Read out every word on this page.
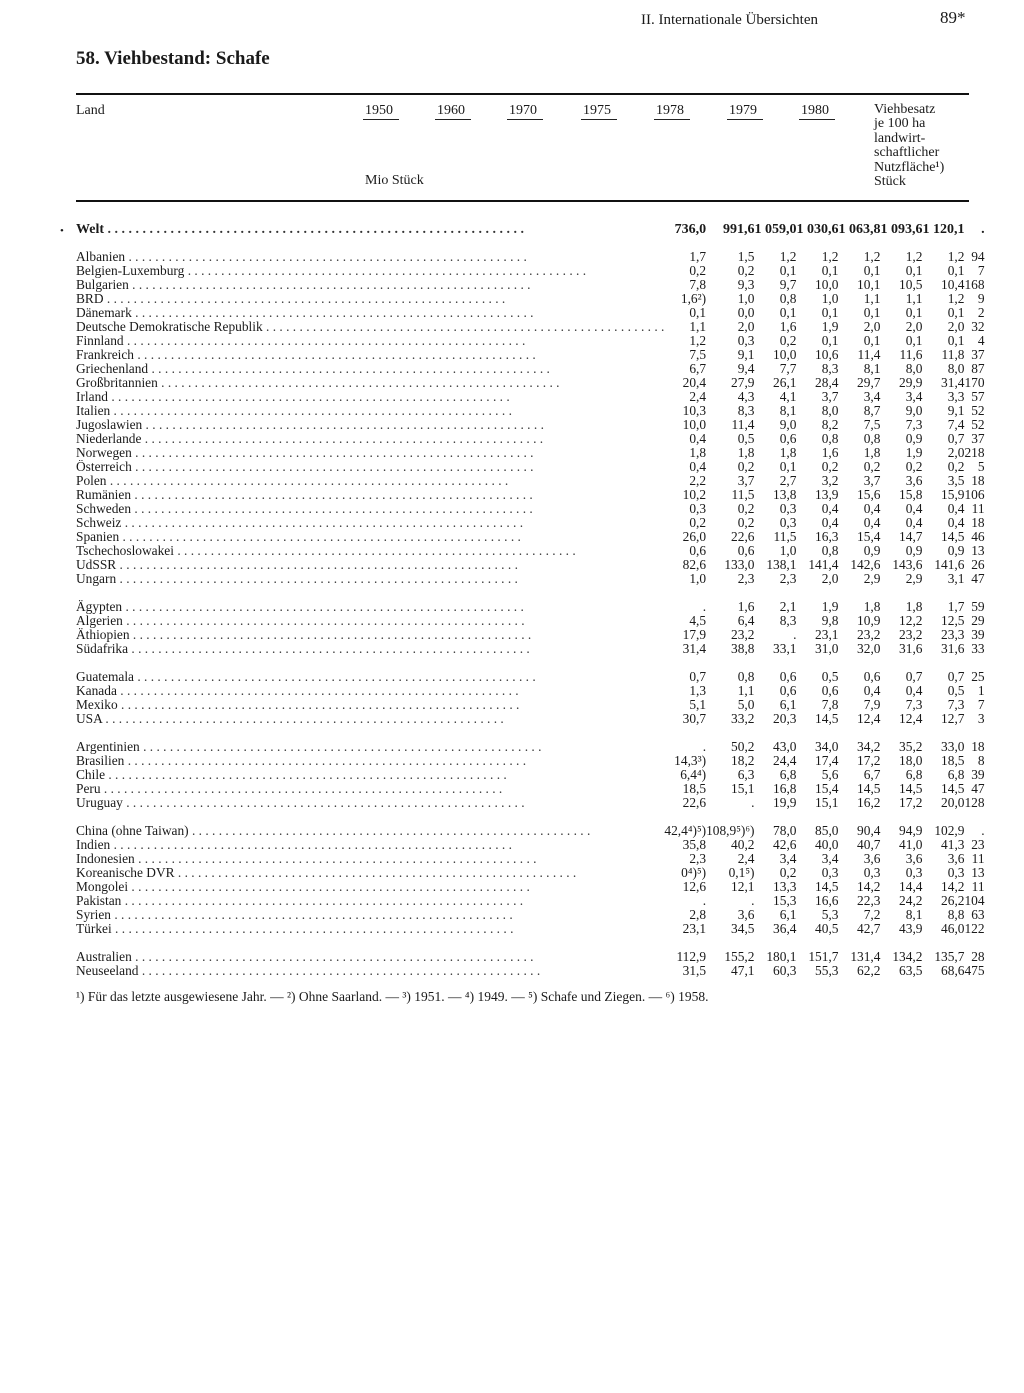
II. Internationale Übersichten	89*
58. Viehbestand: Schafe
Land	1950	1960	1970	1975	1978	1979	1980
Mio Stück
Viehbesatz
je 100 ha
landwirt-
schaftlicher
Nutzfläche¹)
Stück
• Welt . . . . . . . . . . . . . . . . . . . . . . . . . . . . . . . . . . . . . . . . . . . . . . . . . . . . . . . . . . . .	736,0	991,6	1 059,0	1 030,6	1 063,8	1 093,6	1 120,1	.

Albanien . . . . . . . . . . . . . . . . . . . . . . . . . . . . . . . . . . . . . . . . . . . . . . . . . . . . . . . . . . . .	1,7	1,5	1,2	1,2	1,2	1,2	1,2	94
Belgien-Luxemburg . . . . . . . . . . . . . . . . . . . . . . . . . . . . . . . . . . . . . . . . . . . . . . . . . . . . . . . . . . . .	0,2	0,2	0,1	0,1	0,1	0,1	0,1	7
Bulgarien . . . . . . . . . . . . . . . . . . . . . . . . . . . . . . . . . . . . . . . . . . . . . . . . . . . . . . . . . . . .	7,8	9,3	9,7	10,0	10,1	10,5	10,4	168
BRD . . . . . . . . . . . . . . . . . . . . . . . . . . . . . . . . . . . . . . . . . . . . . . . . . . . . . . . . . . . .	1,6²)	1,0	0,8	1,0	1,1	1,1	1,2	9
Dänemark . . . . . . . . . . . . . . . . . . . . . . . . . . . . . . . . . . . . . . . . . . . . . . . . . . . . . . . . . . . .	0,1	0,0	0,1	0,1	0,1	0,1	0,1	2
Deutsche Demokratische Republik . . . . . . . . . . . . . . . . . . . . . . . . . . . . . . . . . . . . . . . . . . . . . . . . . . . . . . . . . . . .	1,1	2,0	1,6	1,9	2,0	2,0	2,0	32
Finnland . . . . . . . . . . . . . . . . . . . . . . . . . . . . . . . . . . . . . . . . . . . . . . . . . . . . . . . . . . . .	1,2	0,3	0,2	0,1	0,1	0,1	0,1	4
Frankreich . . . . . . . . . . . . . . . . . . . . . . . . . . . . . . . . . . . . . . . . . . . . . . . . . . . . . . . . . . . .	7,5	9,1	10,0	10,6	11,4	11,6	11,8	37
Griechenland . . . . . . . . . . . . . . . . . . . . . . . . . . . . . . . . . . . . . . . . . . . . . . . . . . . . . . . . . . . .	6,7	9,4	7,7	8,3	8,1	8,0	8,0	87
Großbritannien . . . . . . . . . . . . . . . . . . . . . . . . . . . . . . . . . . . . . . . . . . . . . . . . . . . . . . . . . . . .	20,4	27,9	26,1	28,4	29,7	29,9	31,4	170
Irland . . . . . . . . . . . . . . . . . . . . . . . . . . . . . . . . . . . . . . . . . . . . . . . . . . . . . . . . . . . .	2,4	4,3	4,1	3,7	3,4	3,4	3,3	57
Italien . . . . . . . . . . . . . . . . . . . . . . . . . . . . . . . . . . . . . . . . . . . . . . . . . . . . . . . . . . . .	10,3	8,3	8,1	8,0	8,7	9,0	9,1	52
Jugoslawien . . . . . . . . . . . . . . . . . . . . . . . . . . . . . . . . . . . . . . . . . . . . . . . . . . . . . . . . . . . .	10,0	11,4	9,0	8,2	7,5	7,3	7,4	52
Niederlande . . . . . . . . . . . . . . . . . . . . . . . . . . . . . . . . . . . . . . . . . . . . . . . . . . . . . . . . . . . .	0,4	0,5	0,6	0,8	0,8	0,9	0,7	37
Norwegen . . . . . . . . . . . . . . . . . . . . . . . . . . . . . . . . . . . . . . . . . . . . . . . . . . . . . . . . . . . .	1,8	1,8	1,8	1,6	1,8	1,9	2,0	218
Österreich . . . . . . . . . . . . . . . . . . . . . . . . . . . . . . . . . . . . . . . . . . . . . . . . . . . . . . . . . . . .	0,4	0,2	0,1	0,2	0,2	0,2	0,2	5
Polen . . . . . . . . . . . . . . . . . . . . . . . . . . . . . . . . . . . . . . . . . . . . . . . . . . . . . . . . . . . .	2,2	3,7	2,7	3,2	3,7	3,6	3,5	18
Rumänien . . . . . . . . . . . . . . . . . . . . . . . . . . . . . . . . . . . . . . . . . . . . . . . . . . . . . . . . . . . .	10,2	11,5	13,8	13,9	15,6	15,8	15,9	106
Schweden . . . . . . . . . . . . . . . . . . . . . . . . . . . . . . . . . . . . . . . . . . . . . . . . . . . . . . . . . . . .	0,3	0,2	0,3	0,4	0,4	0,4	0,4	11
Schweiz . . . . . . . . . . . . . . . . . . . . . . . . . . . . . . . . . . . . . . . . . . . . . . . . . . . . . . . . . . . .	0,2	0,2	0,3	0,4	0,4	0,4	0,4	18
Spanien . . . . . . . . . . . . . . . . . . . . . . . . . . . . . . . . . . . . . . . . . . . . . . . . . . . . . . . . . . . .	26,0	22,6	11,5	16,3	15,4	14,7	14,5	46
Tschechoslowakei . . . . . . . . . . . . . . . . . . . . . . . . . . . . . . . . . . . . . . . . . . . . . . . . . . . . . . . . . . . .	0,6	0,6	1,0	0,8	0,9	0,9	0,9	13
UdSSR . . . . . . . . . . . . . . . . . . . . . . . . . . . . . . . . . . . . . . . . . . . . . . . . . . . . . . . . . . . .	82,6	133,0	138,1	141,4	142,6	143,6	141,6	26
Ungarn . . . . . . . . . . . . . . . . . . . . . . . . . . . . . . . . . . . . . . . . . . . . . . . . . . . . . . . . . . . .	1,0	2,3	2,3	2,0	2,9	2,9	3,1	47

Ägypten . . . . . . . . . . . . . . . . . . . . . . . . . . . . . . . . . . . . . . . . . . . . . . . . . . . . . . . . . . . .	.	1,6	2,1	1,9	1,8	1,8	1,7	59
Algerien . . . . . . . . . . . . . . . . . . . . . . . . . . . . . . . . . . . . . . . . . . . . . . . . . . . . . . . . . . . .	4,5	6,4	8,3	9,8	10,9	12,2	12,5	29
Äthiopien . . . . . . . . . . . . . . . . . . . . . . . . . . . . . . . . . . . . . . . . . . . . . . . . . . . . . . . . . . . .	17,9	23,2	.	23,1	23,2	23,2	23,3	39
Südafrika . . . . . . . . . . . . . . . . . . . . . . . . . . . . . . . . . . . . . . . . . . . . . . . . . . . . . . . . . . . .	31,4	38,8	33,1	31,0	32,0	31,6	31,6	33

Guatemala . . . . . . . . . . . . . . . . . . . . . . . . . . . . . . . . . . . . . . . . . . . . . . . . . . . . . . . . . . . .	0,7	0,8	0,6	0,5	0,6	0,7	0,7	25
Kanada . . . . . . . . . . . . . . . . . . . . . . . . . . . . . . . . . . . . . . . . . . . . . . . . . . . . . . . . . . . .	1,3	1,1	0,6	0,6	0,4	0,4	0,5	1
Mexiko . . . . . . . . . . . . . . . . . . . . . . . . . . . . . . . . . . . . . . . . . . . . . . . . . . . . . . . . . . . .	5,1	5,0	6,1	7,8	7,9	7,3	7,3	7
USA . . . . . . . . . . . . . . . . . . . . . . . . . . . . . . . . . . . . . . . . . . . . . . . . . . . . . . . . . . . .	30,7	33,2	20,3	14,5	12,4	12,4	12,7	3

Argentinien . . . . . . . . . . . . . . . . . . . . . . . . . . . . . . . . . . . . . . . . . . . . . . . . . . . . . . . . . . . .	.	50,2	43,0	34,0	34,2	35,2	33,0	18
Brasilien . . . . . . . . . . . . . . . . . . . . . . . . . . . . . . . . . . . . . . . . . . . . . . . . . . . . . . . . . . . .	14,3³)	18,2	24,4	17,4	17,2	18,0	18,5	8
Chile . . . . . . . . . . . . . . . . . . . . . . . . . . . . . . . . . . . . . . . . . . . . . . . . . . . . . . . . . . . .	6,4⁴)	6,3	6,8	5,6	6,7	6,8	6,8	39
Peru . . . . . . . . . . . . . . . . . . . . . . . . . . . . . . . . . . . . . . . . . . . . . . . . . . . . . . . . . . . .	18,5	15,1	16,8	15,4	14,5	14,5	14,5	47
Uruguay . . . . . . . . . . . . . . . . . . . . . . . . . . . . . . . . . . . . . . . . . . . . . . . . . . . . . . . . . . . .	22,6	.	19,9	15,1	16,2	17,2	20,0	128

China (ohne Taiwan) . . . . . . . . . . . . . . . . . . . . . . . . . . . . . . . . . . . . . . . . . . . . . . . . . . . . . . . . . . . .	42,4⁴)⁵)	108,9⁵)⁶)	78,0	85,0	90,4	94,9	102,9	.
Indien . . . . . . . . . . . . . . . . . . . . . . . . . . . . . . . . . . . . . . . . . . . . . . . . . . . . . . . . . . . .	35,8	40,2	42,6	40,0	40,7	41,0	41,3	23
Indonesien . . . . . . . . . . . . . . . . . . . . . . . . . . . . . . . . . . . . . . . . . . . . . . . . . . . . . . . . . . . .	2,3	2,4	3,4	3,4	3,6	3,6	3,6	11
Koreanische DVR . . . . . . . . . . . . . . . . . . . . . . . . . . . . . . . . . . . . . . . . . . . . . . . . . . . . . . . . . . . .	0⁴)⁵)	0,1⁵)	0,2	0,3	0,3	0,3	0,3	13
Mongolei . . . . . . . . . . . . . . . . . . . . . . . . . . . . . . . . . . . . . . . . . . . . . . . . . . . . . . . . . . . .	12,6	12,1	13,3	14,5	14,2	14,4	14,2	11
Pakistan . . . . . . . . . . . . . . . . . . . . . . . . . . . . . . . . . . . . . . . . . . . . . . . . . . . . . . . . . . . .	.	.	15,3	16,6	22,3	24,2	26,2	104
Syrien . . . . . . . . . . . . . . . . . . . . . . . . . . . . . . . . . . . . . . . . . . . . . . . . . . . . . . . . . . . .	2,8	3,6	6,1	5,3	7,2	8,1	8,8	63
Türkei . . . . . . . . . . . . . . . . . . . . . . . . . . . . . . . . . . . . . . . . . . . . . . . . . . . . . . . . . . . .	23,1	34,5	36,4	40,5	42,7	43,9	46,0	122

Australien . . . . . . . . . . . . . . . . . . . . . . . . . . . . . . . . . . . . . . . . . . . . . . . . . . . . . . . . . . . .	112,9	155,2	180,1	151,7	131,4	134,2	135,7	28
Neuseeland . . . . . . . . . . . . . . . . . . . . . . . . . . . . . . . . . . . . . . . . . . . . . . . . . . . . . . . . . . . .	31,5	47,1	60,3	55,3	62,2	63,5	68,6	475
¹) Für das letzte ausgewiesene Jahr. — ²) Ohne Saarland. — ³) 1951. — ⁴) 1949. — ⁵) Schafe und Ziegen. — ⁶) 1958.
